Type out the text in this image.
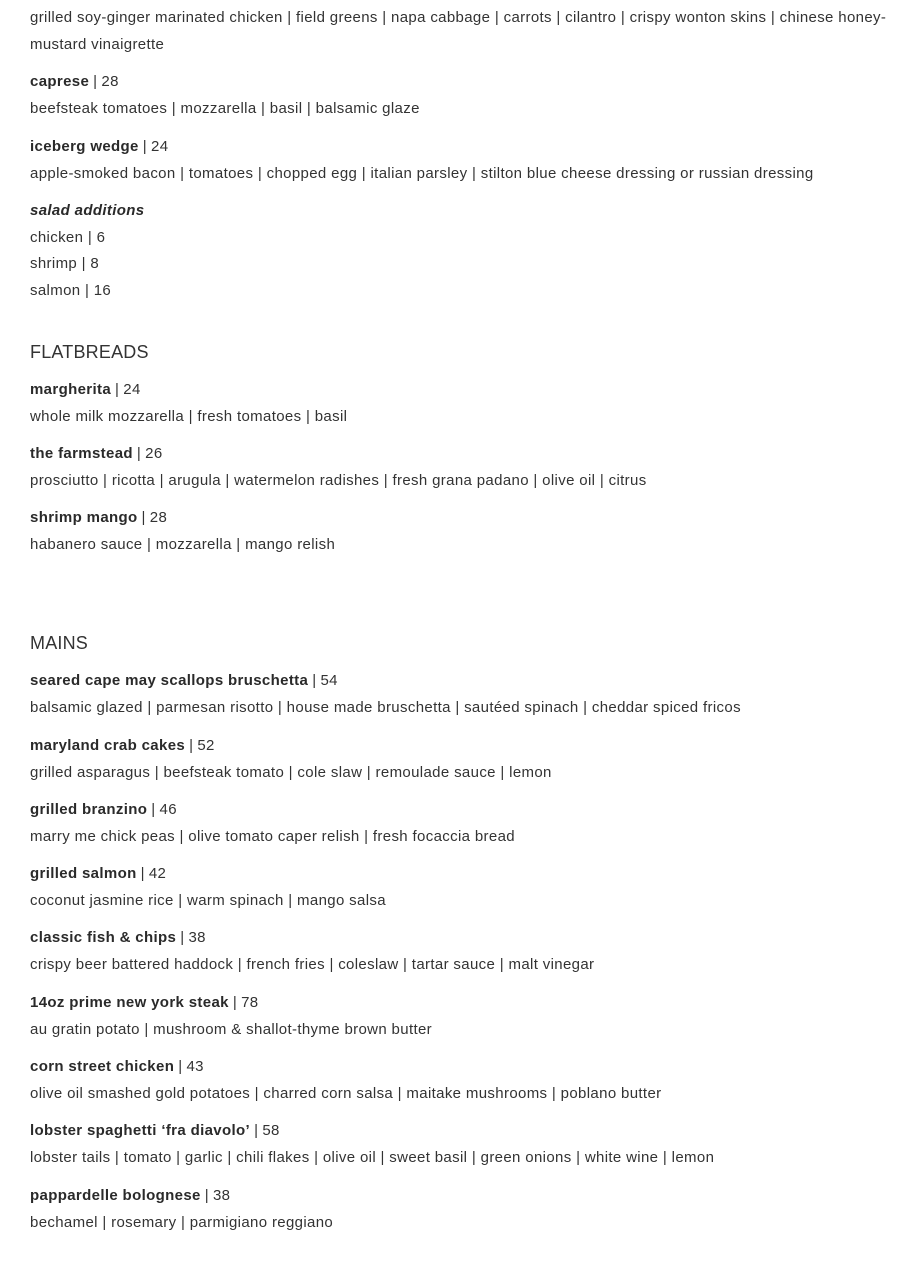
grilled soy-ginger marinated chicken | field greens | napa cabbage | carrots | cilantro | crispy wonton skins | chinese honey-mustard vinaigrette
caprese | 28
beefsteak tomatoes | mozzarella | basil | balsamic glaze
iceberg wedge | 24
apple-smoked bacon | tomatoes | chopped egg | italian parsley | stilton blue cheese dressing or russian dressing
salad additions
chicken | 6
shrimp | 8
salmon | 16
FLATBREADS
margherita | 24
whole milk mozzarella | fresh tomatoes | basil
the farmstead | 26
prosciutto | ricotta | arugula | watermelon radishes | fresh grana padano | olive oil | citrus
shrimp mango | 28
habanero sauce | mozzarella | mango relish
MAINS
seared cape may scallops bruschetta | 54
balsamic glazed | parmesan risotto | house made bruschetta | sautéed spinach | cheddar spiced fricos
maryland crab cakes | 52
grilled asparagus | beefsteak tomato | cole slaw | remoulade sauce | lemon
grilled branzino | 46
marry me chick peas | olive tomato caper relish | fresh focaccia bread
grilled salmon | 42
coconut jasmine rice | warm spinach | mango salsa
classic fish & chips | 38
crispy beer battered haddock | french fries | coleslaw | tartar sauce | malt vinegar
14oz prime new york steak | 78
au gratin potato | mushroom & shallot-thyme brown butter
corn street chicken | 43
olive oil smashed gold potatoes | charred corn salsa | maitake mushrooms | poblano butter
lobster spaghetti ‘fra diavolo’ | 58
lobster tails | tomato | garlic | chili flakes | olive oil | sweet basil | green onions | white wine | lemon
pappardelle bolognese | 38
bechamel | rosemary | parmigiano reggiano
